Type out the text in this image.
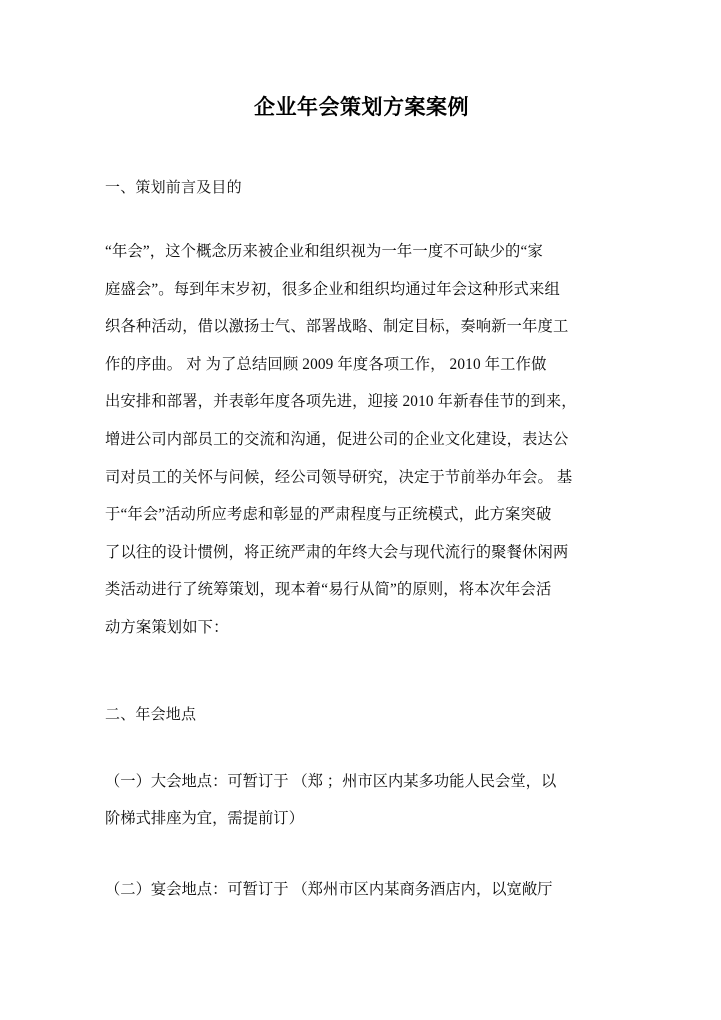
企业年会策划方案案例
一、策划前言及目的
“年会”，这个概念历来被企业和组织视为一年一度不可缺少的“家
庭盛会”。每到年末岁初，很多企业和组织均通过年会这种形式来组
织各种活动，借以激扬士气、部署战略、制定目标，奏响新一年度工
作的序曲。 对 为了总结回顾 2009 年度各项工作， 2010 年工作做
出安排和部署，并表彰年度各项先进，迎接 2010 年新春佳节的到来，
增进公司内部员工的交流和沟通，促进公司的企业文化建设，表达公
司对员工的关怀与问候，经公司领导研究，决定于节前举办年会。 基
于“年会”活动所应考虑和彰显的严肃程度与正统模式，此方案突破
了以往的设计惯例，将正统严肃的年终大会与现代流行的聚餐休闲两
类活动进行了统筹策划，现本着“易行从简”的原则，将本次年会活
动方案策划如下：
二、年会地点
（一）大会地点：可暂订于 （郑 ；州市区内某多功能人民会堂，以
阶梯式排座为宜，需提前订）
（二）宴会地点：可暂订于 （郑州市区内某商务酒店内，以宽敞厅
